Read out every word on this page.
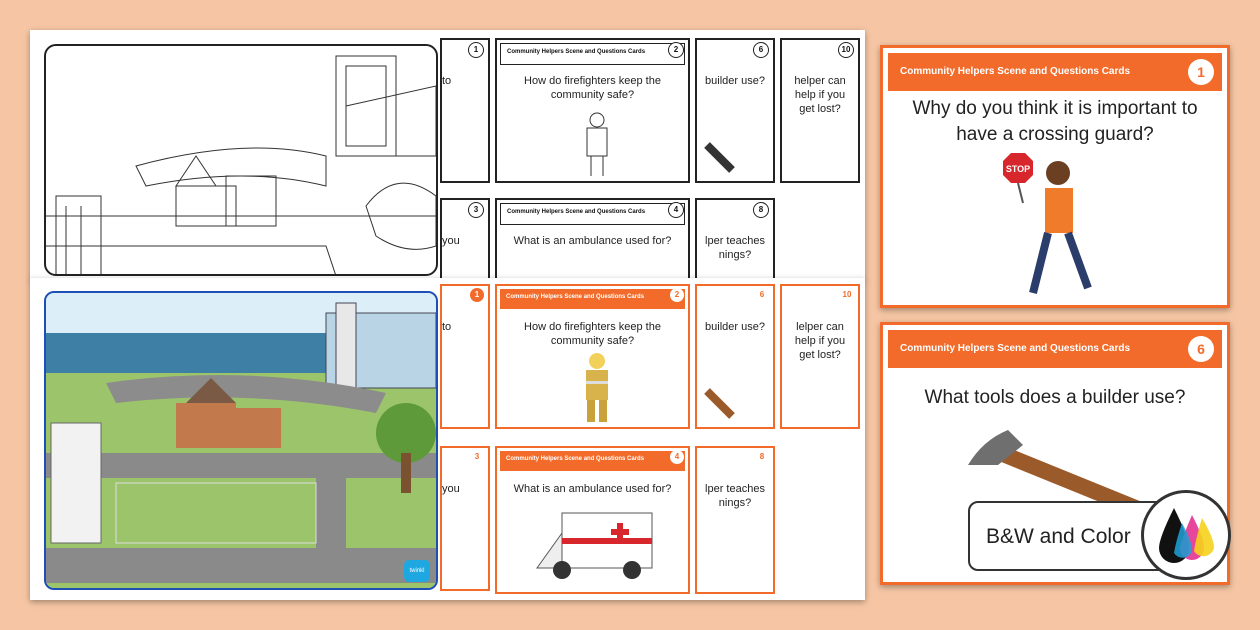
1
to
Community Helpers Scene and Questions Cards	2
How do firefighters keep the community safe?
6
builder use?
10
helper can help if you get lost?
3
you
Community Helpers Scene and Questions Cards	4
What is an ambulance used for?
8
lper teaches nings?
twinkl
1
to
Community Helpers Scene and Questions Cards	2
How do firefighters keep the community safe?
6
builder use?
10
lelper can help if you get lost?
3
you
Community Helpers Scene and Questions Cards	4
What is an ambulance used for?
8
lper teaches nings?
Community Helpers Scene and Questions Cards	1
Why do you think it is important to have a crossing guard?
STOP
Community Helpers Scene and Questions Cards	6
What tools does a builder use?
B&W and Color
